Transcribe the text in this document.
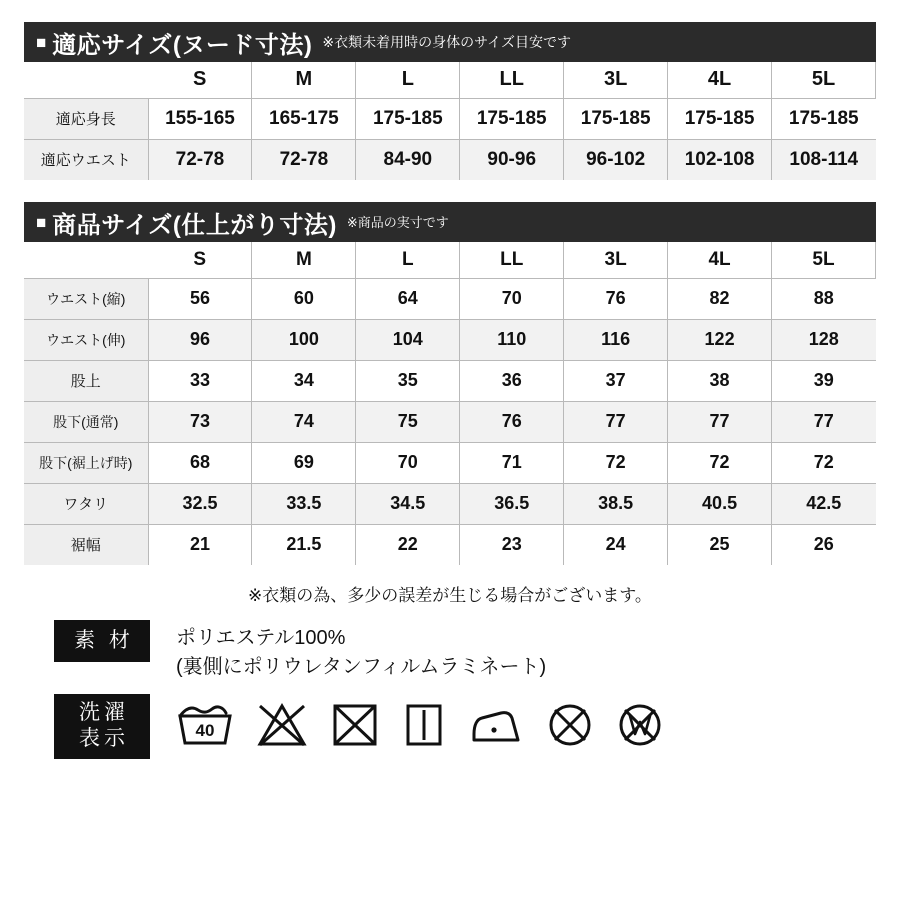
■ 適応サイズ(ヌード寸法) ※衣類未着用時の身体のサイズ目安です
	S	M	L	LL	3L	4L	5L
適応身長	155-165	165-175	175-185	175-185	175-185	175-185	175-185
適応ウエスト	72-78	72-78	84-90	90-96	96-102	102-108	108-114
■ 商品サイズ(仕上がり寸法) ※商品の実寸です
	S	M	L	LL	3L	4L	5L
ウエスト(縮)	56	60	64	70	76	82	88
ウエスト(伸)	96	100	104	110	116	122	128
股上	33	34	35	36	37	38	39
股下(通常)	73	74	75	76	77	77	77
股下(裾上げ時)	68	69	70	71	72	72	72
ワタリ	32.5	33.5	34.5	36.5	38.5	40.5	42.5
裾幅	21	21.5	22	23	24	25	26
※衣類の為、多少の誤差が生じる場合がございます。
素 材	ポリエステル100%
(裏側にポリウレタンフィルムラミネート)
洗濯
表示	40
